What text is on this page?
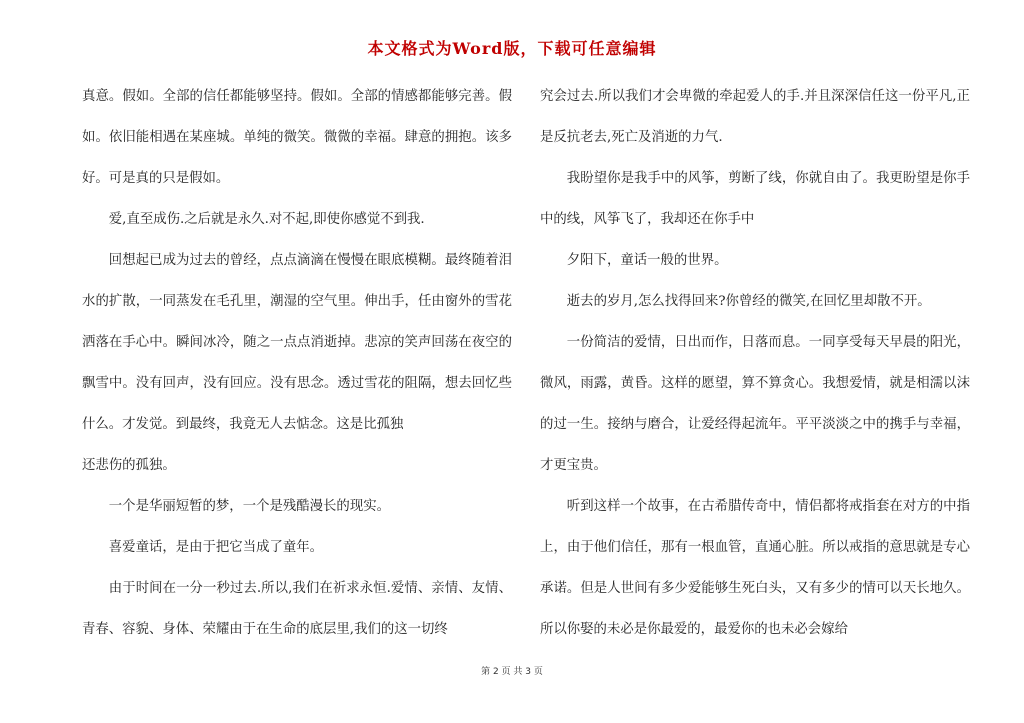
本文格式为Word版，下载可任意编辑

真意。假如。全部的信任都能够坚持。假如。全部的情感都能够完善。假如。依旧能相遇在某座城。单纯的微笑。微微的幸福。肆意的拥抱。该多好。可是真的只是假如。

爱,直至成伤.之后就是永久.对不起,即使你感觉不到我.

回想起已成为过去的曾经，点点滴滴在慢慢在眼底模糊。最终随着泪水的扩散，一同蒸发在毛孔里，潮湿的空气里。伸出手，任由窗外的雪花洒落在手心中。瞬间冰冷，随之一点点消逝掉。悲凉的笑声回荡在夜空的飘雪中。没有回声，没有回应。没有思念。透过雪花的阻隔，想去回忆些什么。才发觉。到最终，我竟无人去惦念。这是比孤独

还悲伤的孤独。

一个是华丽短暂的梦，一个是残酷漫长的现实。

喜爱童话，是由于把它当成了童年。

由于时间在一分一秒过去.所以,我们在祈求永恒.爱情、亲情、友情、青春、容貌、身体、荣耀由于在生命的底层里,我们的这一切终

究会过去.所以我们才会卑微的牵起爱人的手.并且深深信任这一份平凡,正是反抗老去,死亡及消逝的力气.

我盼望你是我手中的风筝，剪断了线，你就自由了。我更盼望是你手中的线，风筝飞了，我却还在你手中

夕阳下，童话一般的世界。

逝去的岁月,怎么找得回来?你曾经的微笑,在回忆里却散不开。

一份简洁的爱情，日出而作，日落而息。一同享受每天早晨的阳光，微风，雨露，黄昏。这样的愿望，算不算贪心。我想爱情，就是相濡以沫的过一生。接纳与磨合，让爱经得起流年。平平淡淡之中的携手与幸福，才更宝贵。

听到这样一个故事，在古希腊传奇中，情侣都将戒指套在对方的中指上，由于他们信任，那有一根血管，直通心脏。所以戒指的意思就是专心承诺。但是人世间有多少爱能够生死白头，又有多少的情可以天长地久。所以你娶的未必是你最爱的，最爱你的也未必会嫁给

第 2 页 共 3 页
